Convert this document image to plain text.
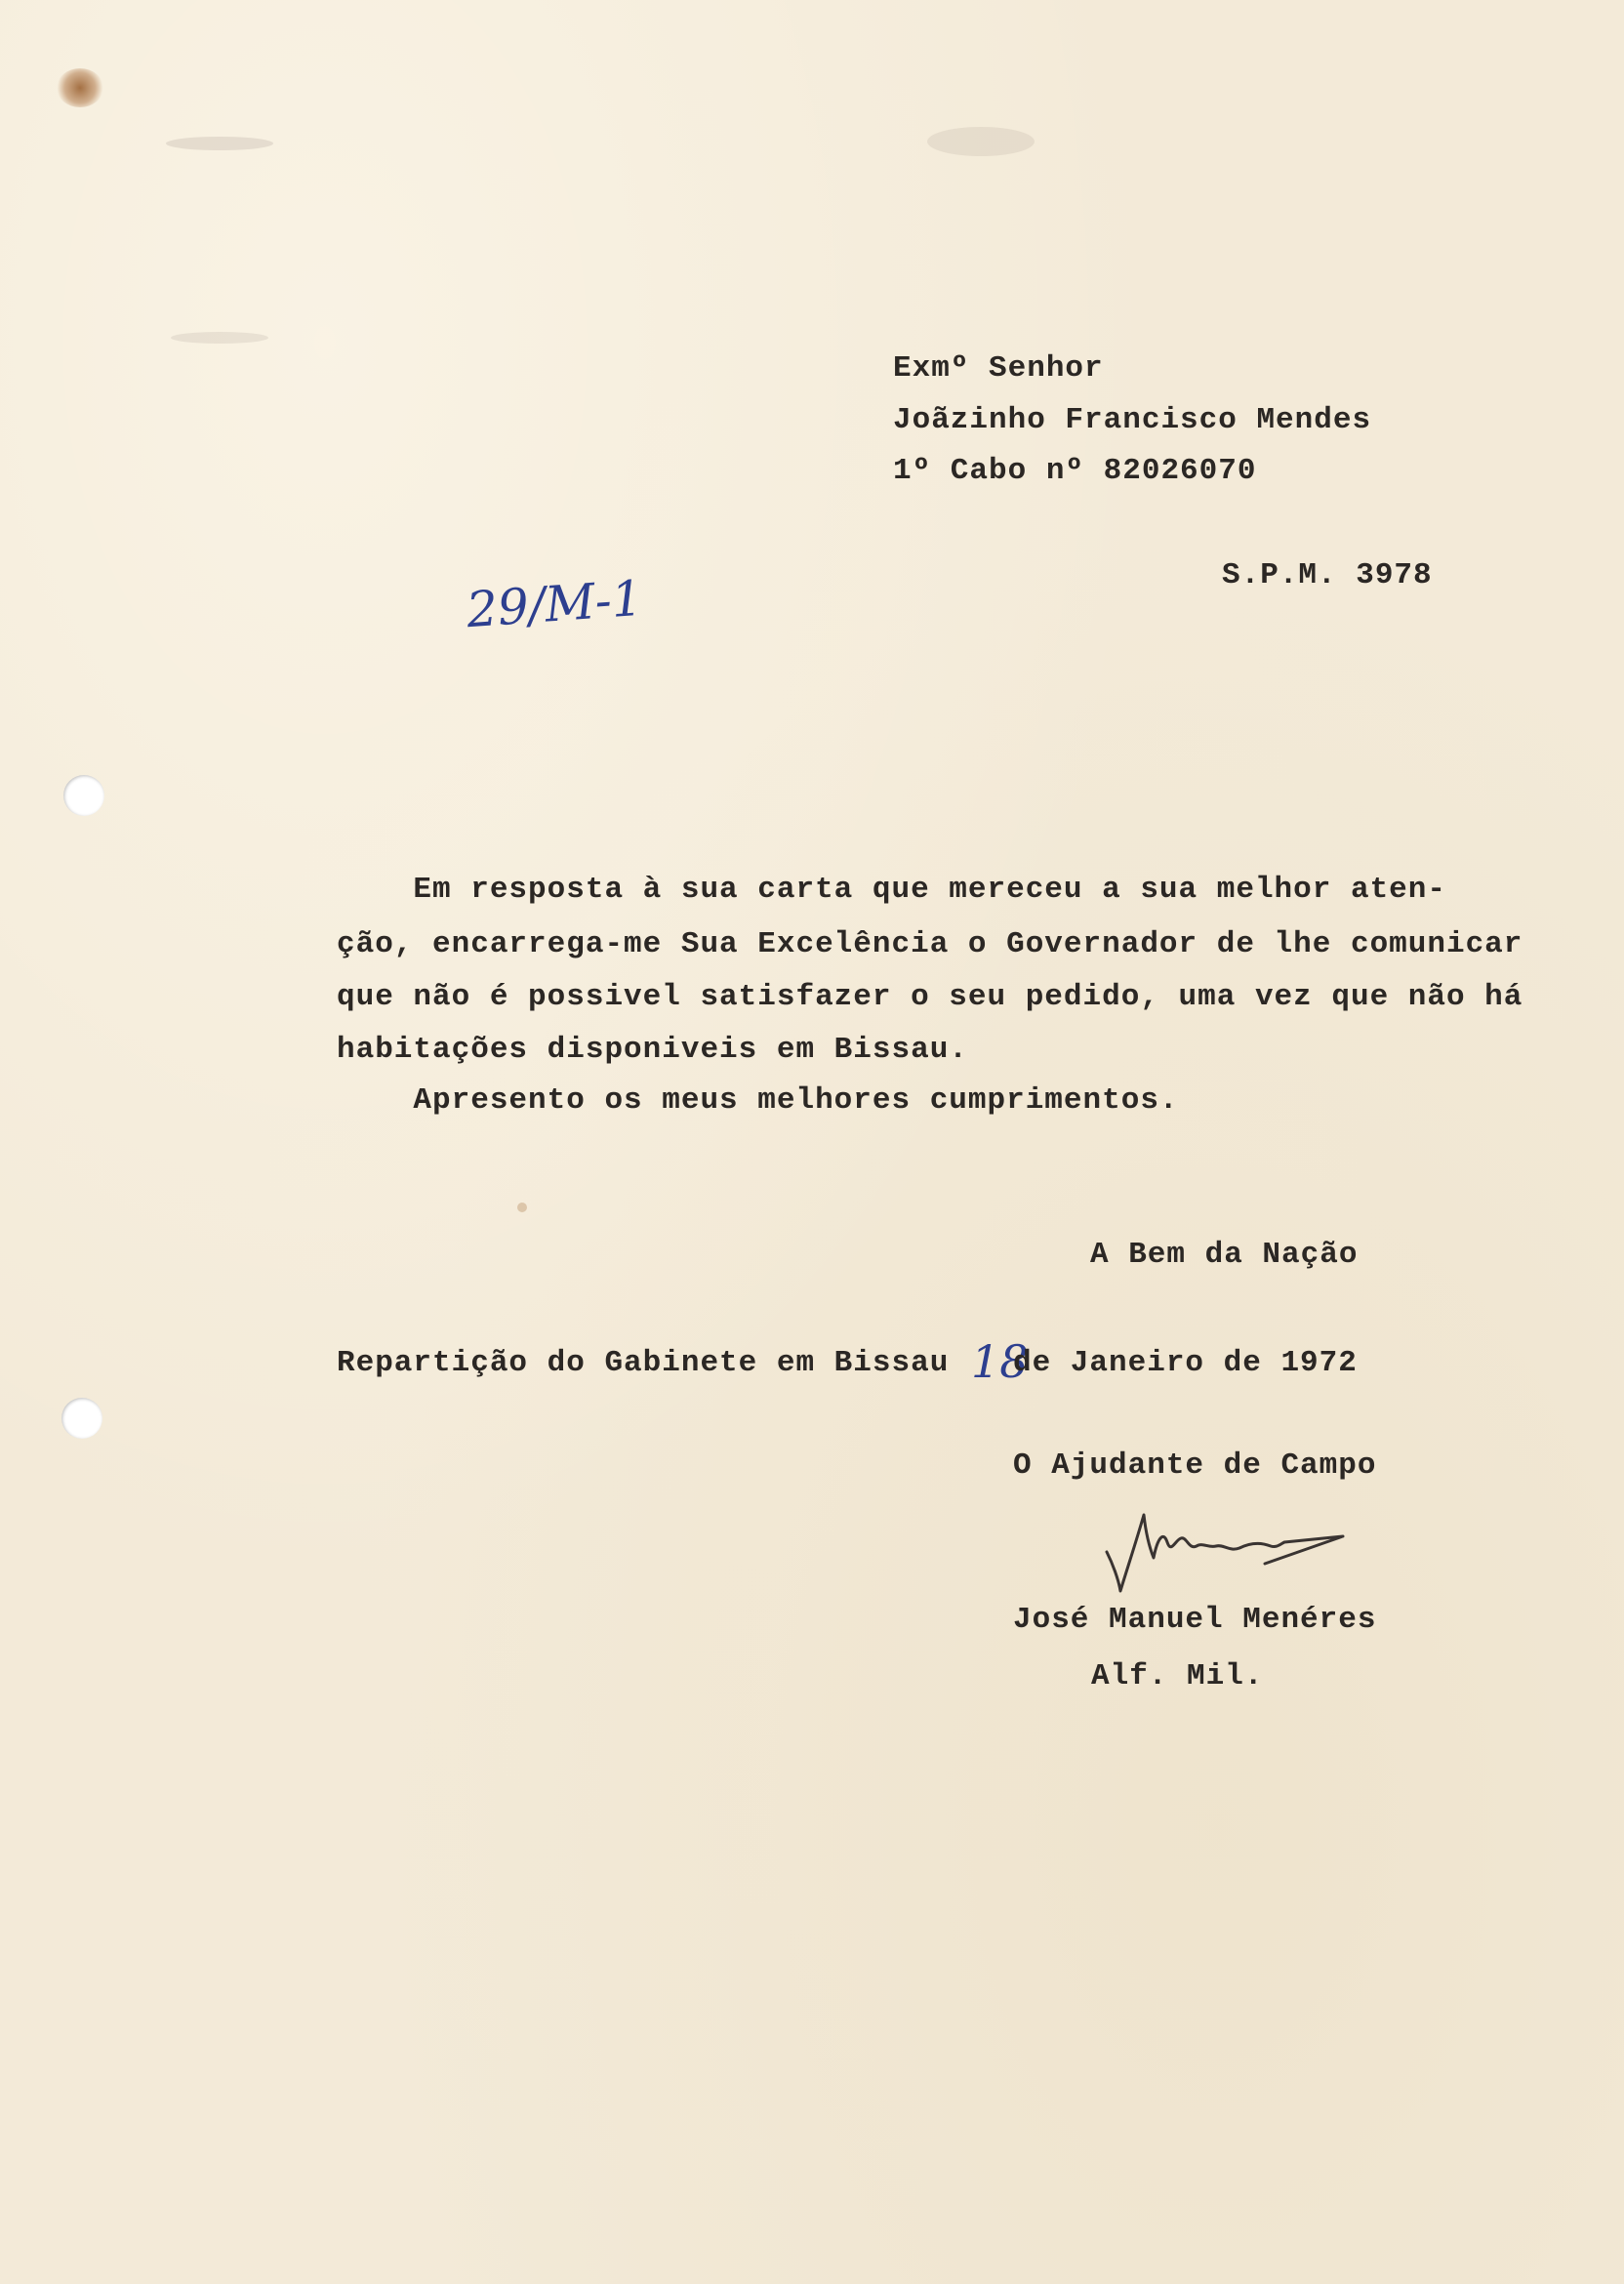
Exmº Senhor
Joãzinho Francisco Mendes
1º Cabo nº 82026070
S.P.M. 3978
29/M-1
Em resposta à sua carta que mereceu a sua melhor aten-
ção, encarrega-me Sua Excelência o Governador de lhe comunicar
que não é possivel satisfazer o seu pedido, uma vez que não há
habitações disponiveis em Bissau.
Apresento os meus melhores cumprimentos.
A Bem da Nação
Repartição do Gabinete em Bissau 18
de Janeiro de 1972
O Ajudante de Campo
José Manuel Menéres
Alf. Mil.
